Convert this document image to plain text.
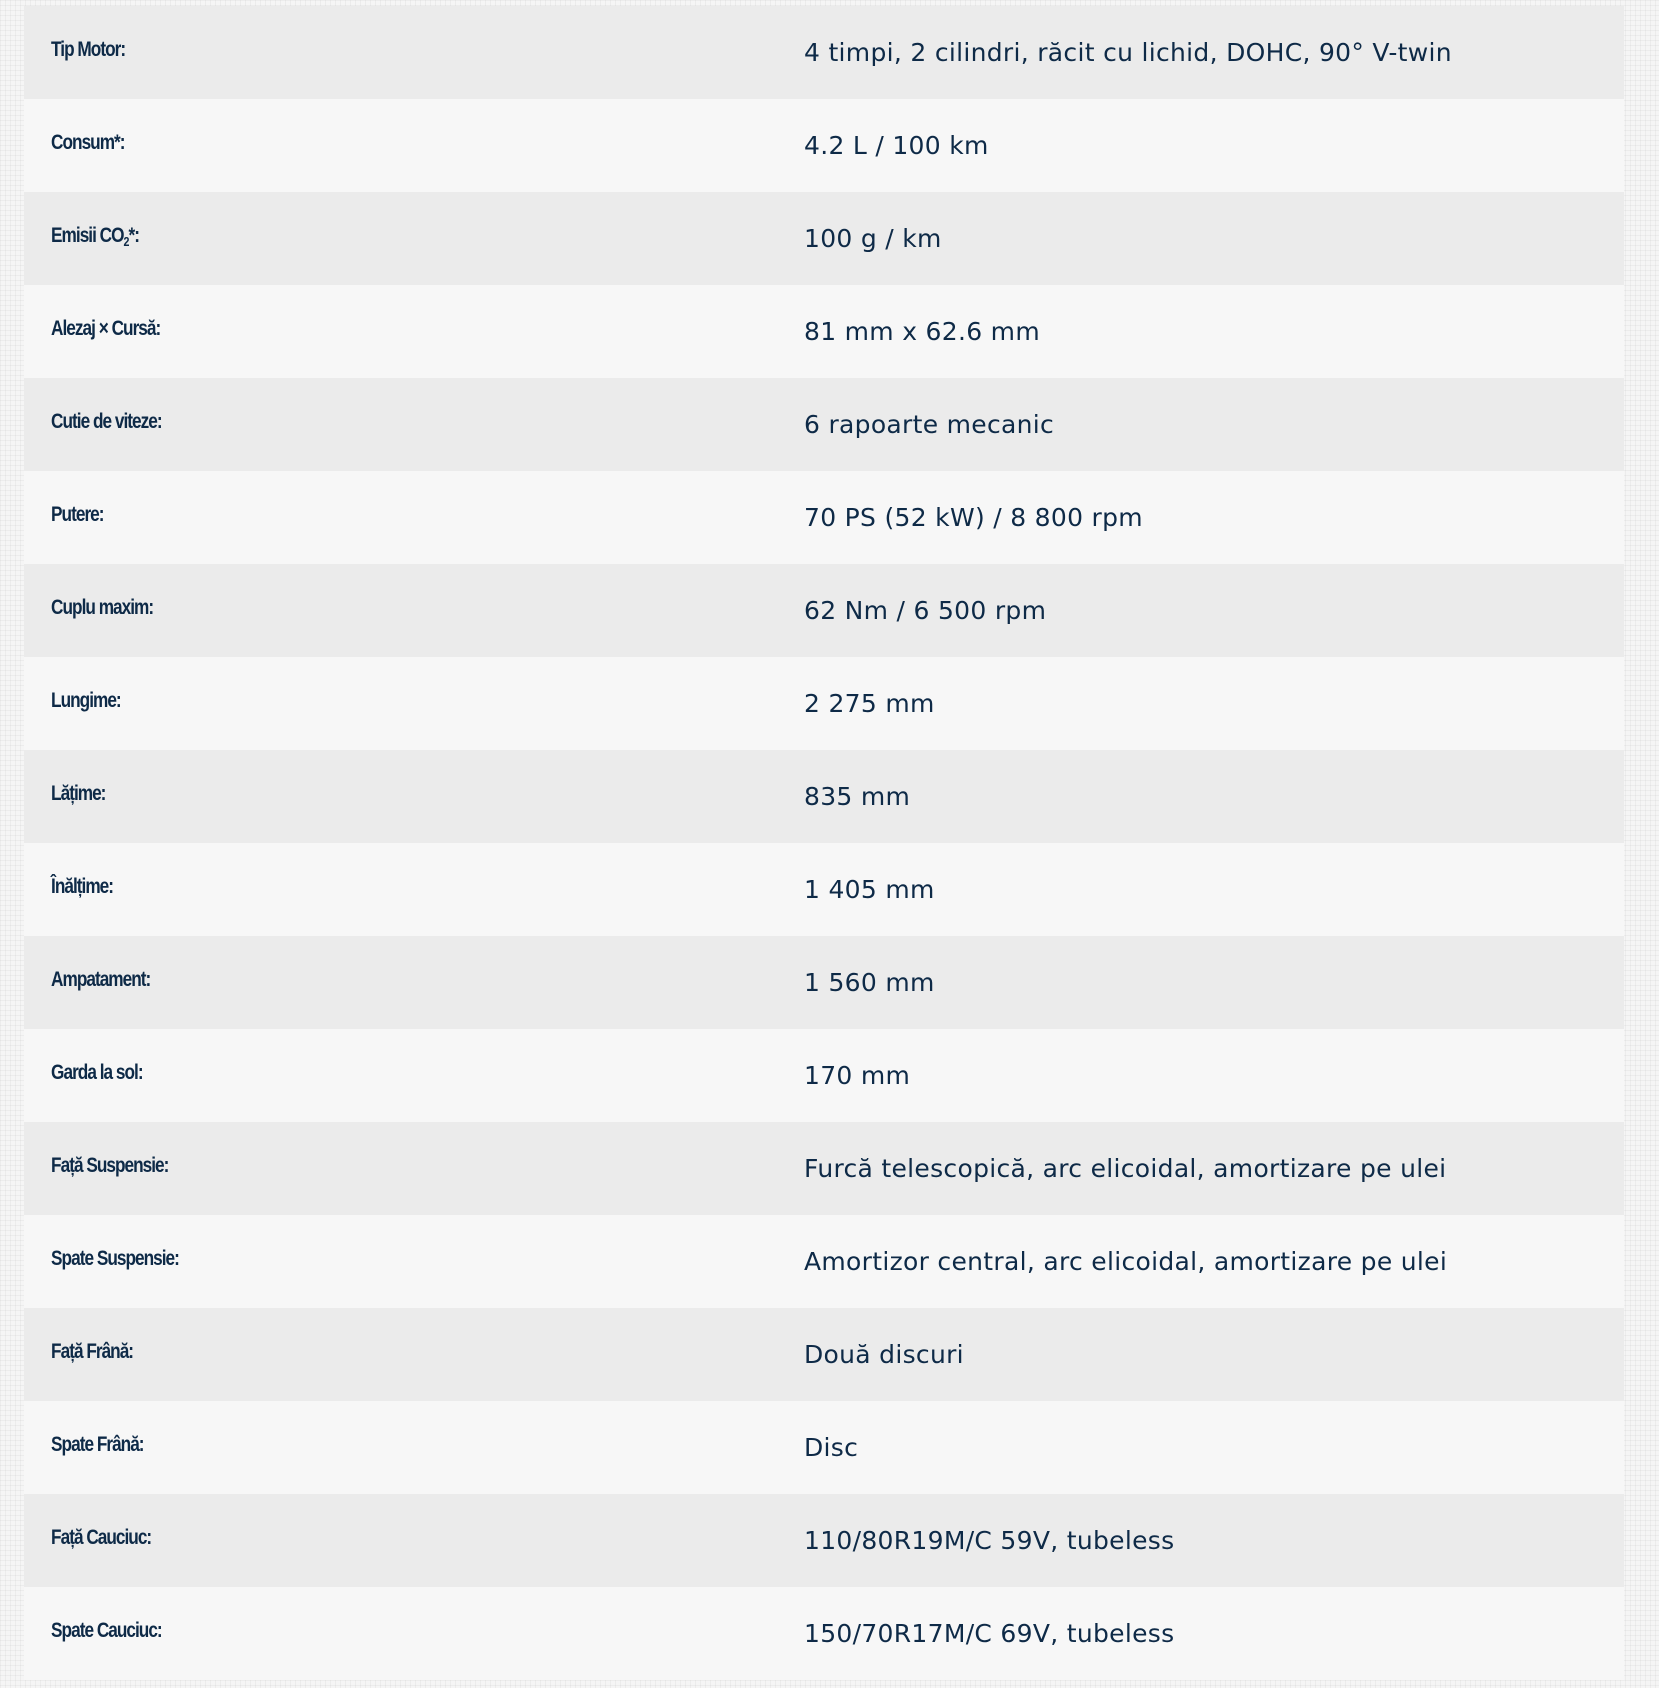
Tip Motor:	4 timpi, 2 cilindri, răcit cu lichid, DOHC, 90° V-twin
Consum*:	4.2 L / 100 km
Emisii $CO_2*$:	100 g / km
Alezaj × Cursă:	81 mm x 62.6 mm
Cutie de viteze:	6 rapoarte mecanic
Putere:	70 PS (52 kW) / 8 800 rpm
Cuplu maxim:	62 Nm / 6 500 rpm
Lungime:	2 275 mm
Lățime:	835 mm
Înălțime:	1 405 mm
Ampatament:	1 560 mm
Garda la sol:	170 mm
Față Suspensie:	Furcă telescopică, arc elicoidal, amortizare pe ulei
Spate Suspensie:	Amortizor central, arc elicoidal, amortizare pe ulei
Față Frână:	Două discuri
Spate Frână:	Disc
Față Cauciuc:	110/80R19M/C 59V, tubeless
Spate Cauciuc:	150/70R17M/C 69V, tubeless
